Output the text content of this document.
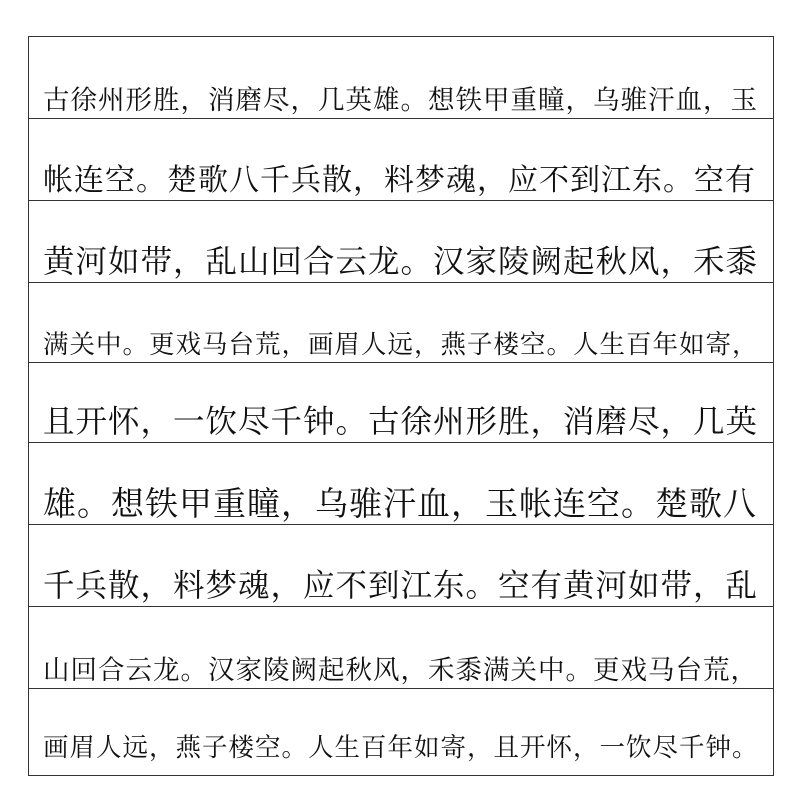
古徐州形胜，消磨尽，几英雄。想铁甲重瞳，乌骓汗血，玉
帐连空。楚歌八千兵散，料梦魂，应不到江东。空有
黄河如带，乱山回合云龙。汉家陵阙起秋风，禾黍
满关中。更戏马台荒，画眉人远，燕子楼空。人生百年如寄，
且开怀，一饮尽千钟。古徐州形胜，消磨尽，几英
雄。想铁甲重瞳，乌骓汗血，玉帐连空。楚歌八
千兵散，料梦魂，应不到江东。空有黄河如带，乱
山回合云龙。汉家陵阙起秋风，禾黍满关中。更戏马台荒，
画眉人远，燕子楼空。人生百年如寄，且开怀，一饮尽千钟。
